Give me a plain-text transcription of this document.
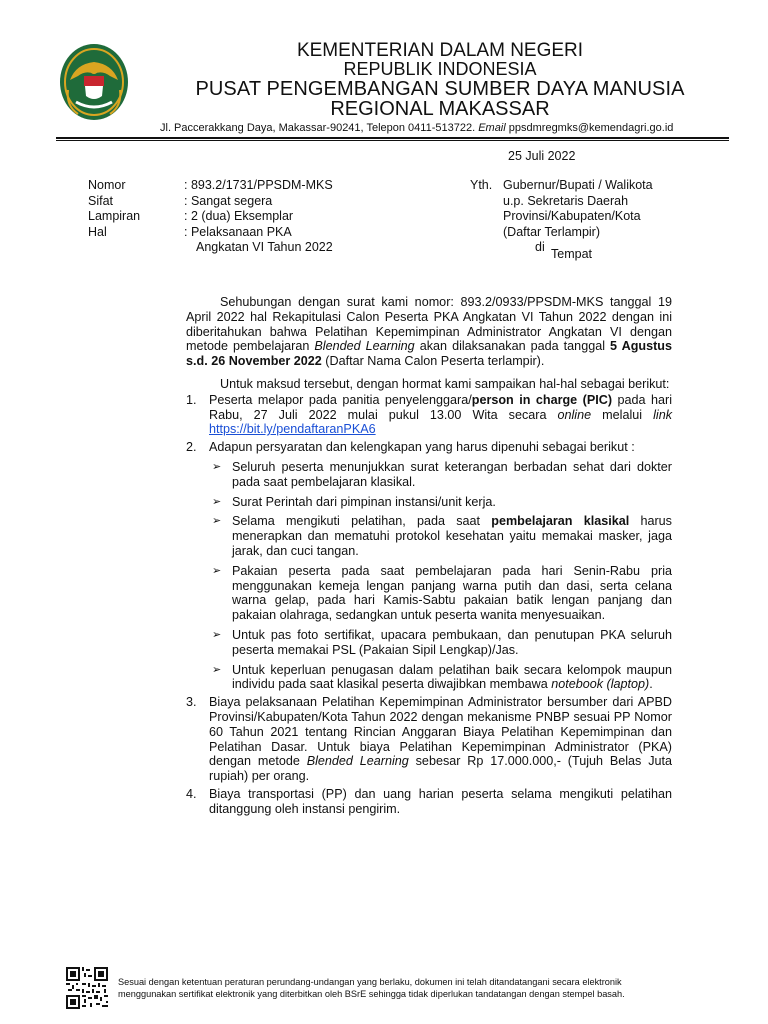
KEMENTERIAN DALAM NEGERI
REPUBLIK INDONESIA
PUSAT PENGEMBANGAN SUMBER DAYA MANUSIA
REGIONAL MAKASSAR
Jl. Paccerakkang Daya, Makassar-90241, Telepon 0411-513722. Email ppsdmregmks@kemendagri.go.id
25 Juli 2022
Nomor
Sifat
Lampiran
Hal
: 893.2/1731/PPSDM-MKS
: Sangat segera
: 2 (dua) Eksemplar
: Pelaksanaan PKA
Angkatan VI Tahun 2022
Yth. Gubernur/Bupati / Walikota
u.p. Sekretaris Daerah
Provinsi/Kabupaten/Kota
(Daftar Terlampir)
di Tempat

Sehubungan dengan surat kami nomor: 893.2/0933/PPSDM-MKS tanggal 19 April 2022 hal Rekapitulasi Calon Peserta PKA Angkatan VI Tahun 2022 dengan ini diberitahukan bahwa Pelatihan Kepemimpinan Administrator Angkatan VI dengan metode pembelajaran Blended Learning akan dilaksanakan pada tanggal 5 Agustus s.d. 26 November 2022 (Daftar Nama Calon Peserta terlampir).

Untuk maksud tersebut, dengan hormat kami sampaikan hal-hal sebagai berikut:

1. Peserta melapor pada panitia penyelenggara/person in charge (PIC) pada hari Rabu, 27 Juli 2022 mulai pukul 13.00 Wita secara online melalui link https://bit.ly/pendaftaranPKA6
2. Adapun persyaratan dan kelengkapan yang harus dipenuhi sebagai berikut :
➢ Seluruh peserta menunjukkan surat keterangan berbadan sehat dari dokter pada saat pembelajaran klasikal.
➢ Surat Perintah dari pimpinan instansi/unit kerja.
➢ Selama mengikuti pelatihan, pada saat pembelajaran klasikal harus menerapkan dan mematuhi protokol kesehatan yaitu memakai masker, jaga jarak, dan cuci tangan.
➢ Pakaian peserta pada saat pembelajaran pada hari Senin-Rabu pria menggunakan kemeja lengan panjang warna putih dan dasi, serta celana warna gelap, pada hari Kamis-Sabtu pakaian batik lengan panjang dan pakaian olahraga, sedangkan untuk peserta wanita menyesuaikan.
➢ Untuk pas foto sertifikat, upacara pembukaan, dan penutupan PKA seluruh peserta memakai PSL (Pakaian Sipil Lengkap)/Jas.
➢ Untuk keperluan penugasan dalam pelatihan baik secara kelompok maupun individu pada saat klasikal peserta diwajibkan membawa notebook (laptop).
3. Biaya pelaksanaan Pelatihan Kepemimpinan Administrator bersumber dari APBD Provinsi/Kabupaten/Kota Tahun 2022 dengan mekanisme PNBP sesuai PP Nomor 60 Tahun 2021 tentang Rincian Anggaran Biaya Pelatihan Kepemimpinan dan Pelatihan Dasar. Untuk biaya Pelatihan Kepemimpinan Administrator (PKA) dengan metode Blended Learning sebesar Rp 17.000.000,- (Tujuh Belas Juta rupiah) per orang.
4. Biaya transportasi (PP) dan uang harian peserta selama mengikuti pelatihan ditanggung oleh instansi pengirim.
Sesuai dengan ketentuan peraturan perundang-undangan yang berlaku, dokumen ini telah ditandatangani secara elektronik
menggunakan sertifikat elektronik yang diterbitkan oleh BSrE sehingga tidak diperlukan tandatangan dengan stempel basah.
